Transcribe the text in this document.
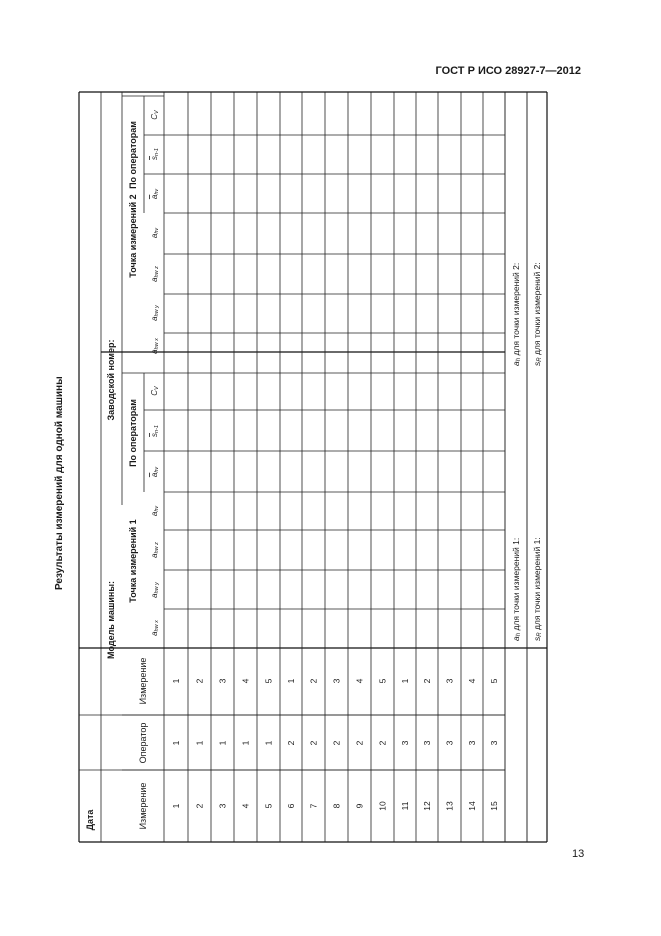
ГОСТ Р ИСО 28927-7—2012
Результаты измерений для одной машины
13
Дата
Модель машины:
Заводской номер:
Измерение
Оператор
Измерение
Точка измерений 1
Точка измерений 2
По операторам
По операторам
$a_{hw x}$
$a_{hw y}$
$a_{hw z}$
$a_{hv}$
$a_{hv}$
$s_{n-1}$
$C_V$
$a_{hw x}$
$a_{hw y}$
$a_{hw z}$
$a_{hv}$
$a_{hv}$
$s_{n-1}$
$C_V$
1
1
1
2
1
2
3
1
3
4
1
4
5
1
5
6
2
1
7
2
2
8
2
3
9
2
4
10
2
5
11
3
1
12
3
2
13
3
3
14
3
4
15
3
5
$a_h$ для точки измерений 1:
$s_R$ для точки измерений 1:
$a_h$ для точки измерений 2:
$s_R$ для точки измерений 2:
